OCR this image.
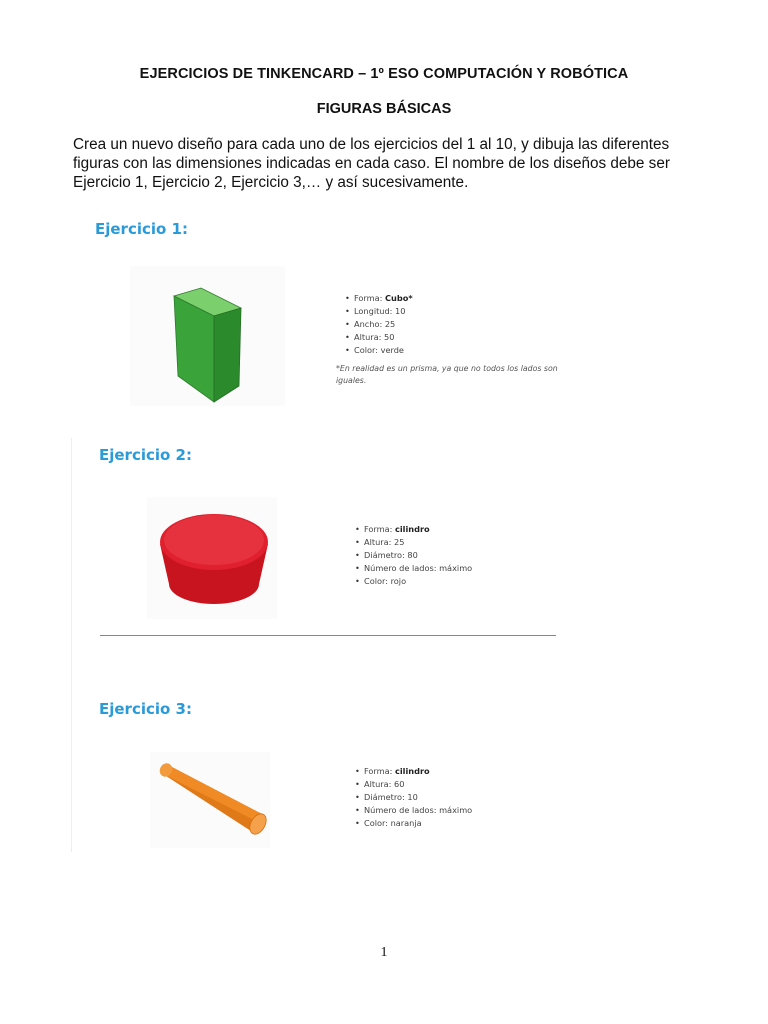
EJERCICIOS DE TINKENCARD – 1º ESO COMPUTACIÓN Y ROBÓTICA
FIGURAS BÁSICAS
Crea un nuevo diseño para cada uno de los ejercicios del 1 al 10, y dibuja las diferentes
figuras con las dimensiones indicadas en cada caso. El nombre de los diseños debe ser
Ejercicio 1, Ejercicio 2, Ejercicio 3,… y así sucesivamente.
Ejercicio 1:
• Forma: Cubo*
• Longitud: 10
• Ancho: 25
• Altura: 50
• Color: verde
*En realidad es un prisma, ya que no todos los lados son
iguales.
Ejercicio 2:
• Forma: cilindro
• Altura: 25
• Diámetro: 80
• Número de lados: máximo
• Color: rojo
Ejercicio 3:
• Forma: cilindro
• Altura: 60
• Diámetro: 10
• Número de lados: máximo
• Color: naranja
1
